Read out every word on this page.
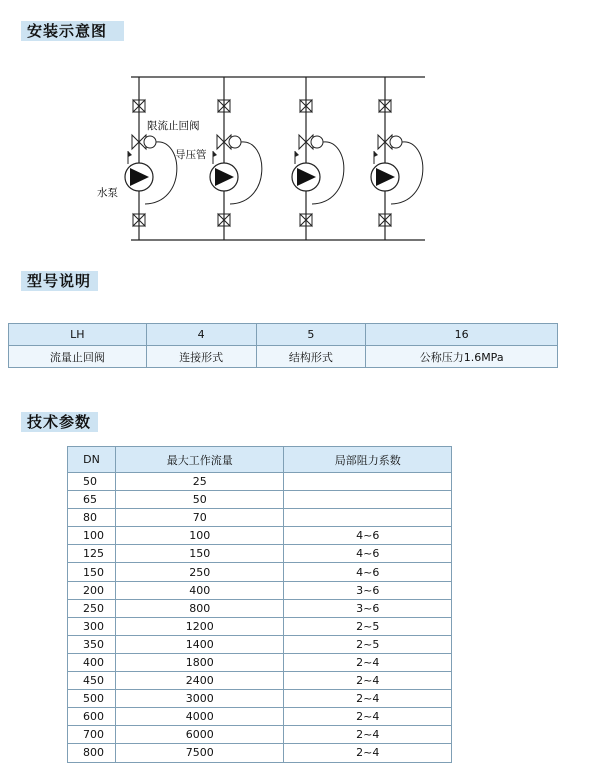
安装示意图
限流止回阀
导压管
水泵
型号说明
LH	4	5	16
流量止回阀	连接形式	结构形式	公称压力1.6MPa
技术参数
DN	最大工作流量	局部阻力系数
50	25	
65	50	
80	70	
100	100	4~6
125	150	4~6
150	250	4~6
200	400	3~6
250	800	3~6
300	1200	2~5
350	1400	2~5
400	1800	2~4
450	2400	2~4
500	3000	2~4
600	4000	2~4
700	6000	2~4
800	7500	2~4
